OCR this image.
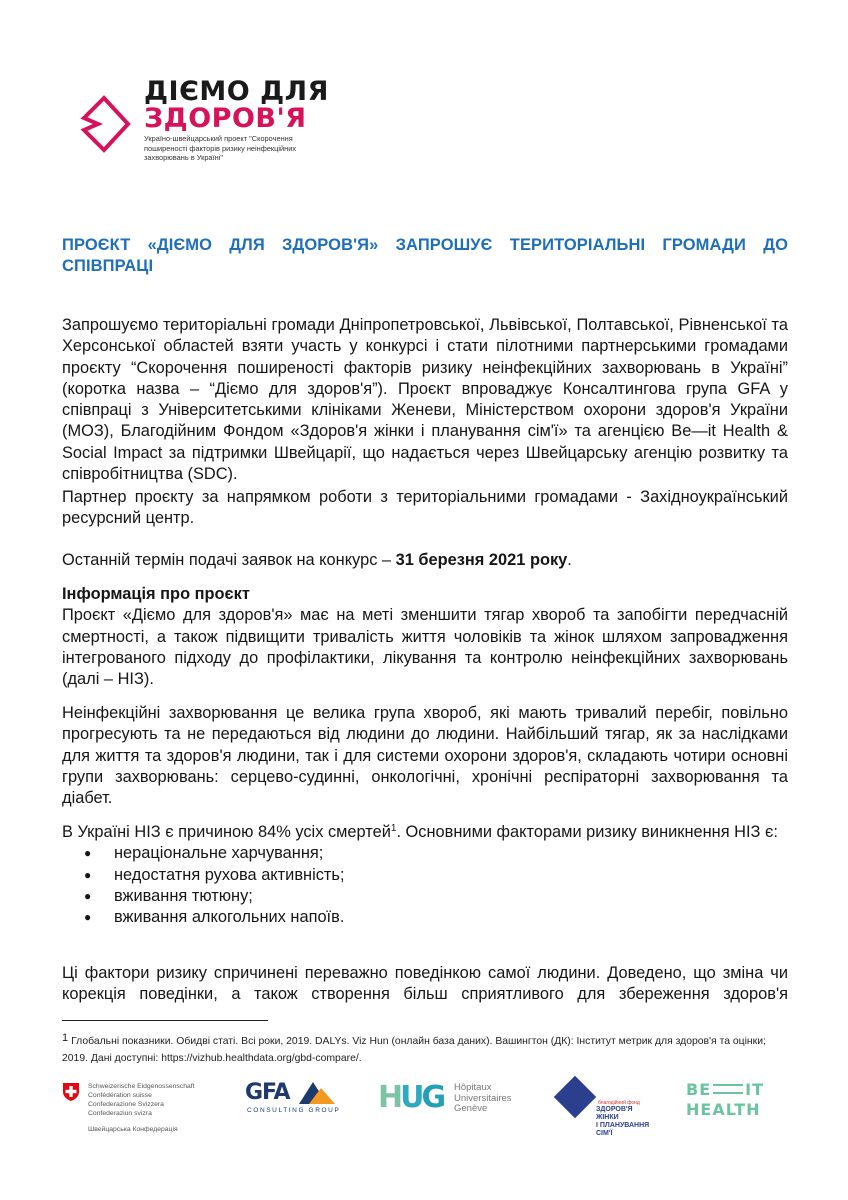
ДІЄМО ДЛЯ
ЗДОРОВ'Я
Україно-швейцарський проект "Скорочення поширеності факторів ризику неінфекційних захворювань в Україні"
ПРОЄКТ «ДІЄМО ДЛЯ ЗДОРОВ'Я» ЗАПРОШУЄ ТЕРИТОРІАЛЬНІ ГРОМАДИ ДО СПІВПРАЦІ
Запрошуємо територіальні громади Дніпропетровської, Львівської, Полтавської, Рівненської та Херсонської областей взяти участь у конкурсі і стати пілотними партнерськими громадами проєкту “Скорочення поширеності факторів ризику неінфекційних захворювань в Україні” (коротка назва – “Діємо для здоров'я”). Проєкт впроваджує Консалтингова група GFA у співпраці з Університетськими клініками Женеви, Міністерством охорони здоров'я України (МОЗ), Благодійним Фондом «Здоров'я жінки і планування сім'ї» та агенцією Be—it Health & Social Impact за підтримки Швейцарії, що надається через Швейцарську агенцію розвитку та співробітництва (SDC).
Партнер проєкту за напрямком роботи з територіальними громадами - Західноукраїнський ресурсний центр.
Останній термін подачі заявок на конкурс – 31 березня 2021 року.
Інформація про проєкт
Проєкт «Діємо для здоров'я» має на меті зменшити тягар хвороб та запобігти передчасній смертності, а також підвищити тривалість життя чоловіків та жінок шляхом запровадження інтегрованого підходу до профілактики, лікування та контролю неінфекційних захворювань (далі – НІЗ).
Неінфекційні захворювання це велика група хвороб, які мають тривалий перебіг, повільно прогресують та не передаються від людини до людини. Найбільший тягар, як за наслідками для життя та здоров'я людини, так і для системи охорони здоров'я, складають чотири основні групи захворювань: серцево-судинні, онкологічні, хронічні респіраторні захворювання та діабет.
В Україні НІЗ є причиною 84% усіх смертей$^1$. Основними факторами ризику виникнення НІЗ є:
● нераціональне харчування;
● недостатня рухова активність;
● вживання тютюну;
● вживання алкогольних напоїв.
Ці фактори ризику спричинені переважно поведінкою самої людини. Доведено, що зміна чи корекція поведінки, а також створення більш сприятливого для збереження здоров'я
1 Глобальні показники. Обидві статі. Всі роки, 2019. DALYs. Viz Hun (онлайн база даних). Вашингтон (ДК): Інститут метрик для здоров'я та оцінки; 2019. Дані доступні: https://vizhub.healthdata.org/gbd-compare/.
Schweizerische Eidgenossenschaft
Confédération suisse
Confederazione Svizzera
Confederaziun svizra
Швейцарська Конфедерація
GFA
CONSULTING GROUP HUG Hôpitaux
Universitaires
Genève	благодійний фонд
ЗДОРОВ'Я ЖІНКИ
І ПЛАНУВАННЯ СІМ'Ї
BE IT
HEALTH
